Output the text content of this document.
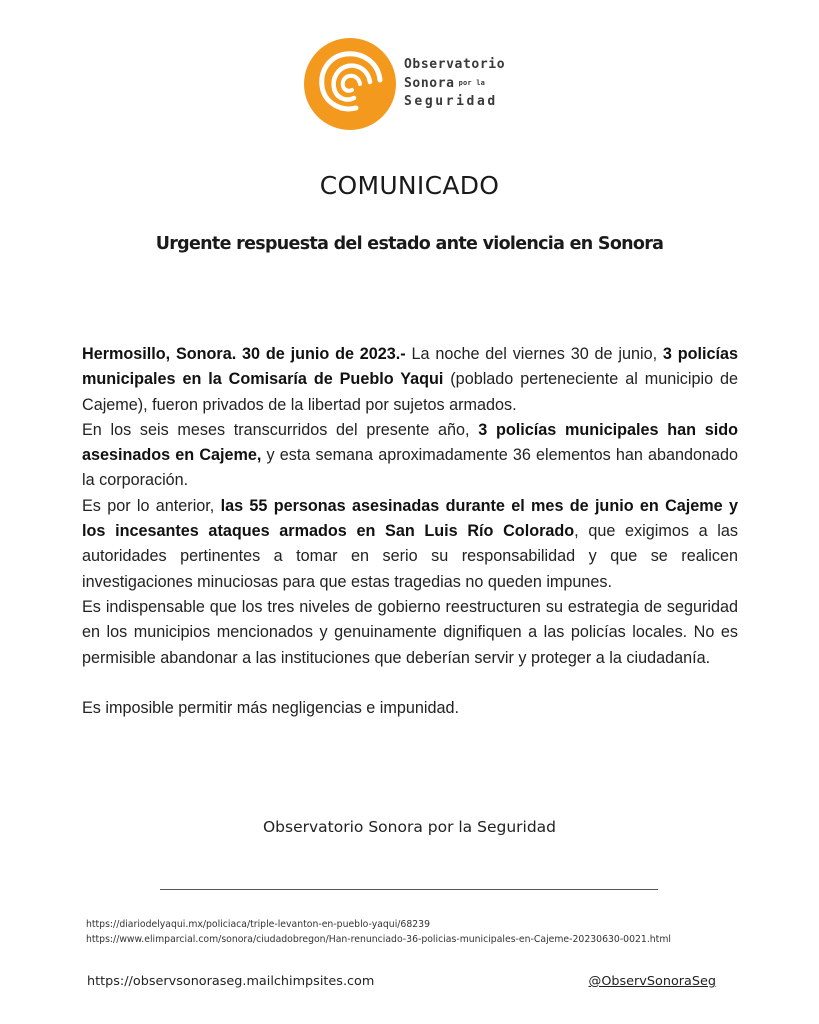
Observatorio
Sonora por la
Seguridad
COMUNICADO
Urgente respuesta del estado ante violencia en Sonora

Hermosillo, Sonora. 30 de junio de 2023.- La noche del viernes 30 de junio, 3 policías municipales en la Comisaría de Pueblo Yaqui (poblado perteneciente al municipio de Cajeme), fueron privados de la libertad por sujetos armados.

En los seis meses transcurridos del presente año, 3 policías municipales han sido asesinados en Cajeme, y esta semana aproximadamente 36 elementos han abandonado la corporación.

Es por lo anterior, las 55 personas asesinadas durante el mes de junio en Cajeme y los incesantes ataques armados en San Luis Río Colorado, que exigimos a las autoridades pertinentes a tomar en serio su responsabilidad y que se realicen investigaciones minuciosas para que estas tragedias no queden impunes.

Es indispensable que los tres niveles de gobierno reestructuren su estrategia de seguridad en los municipios mencionados y genuinamente dignifiquen a las policías locales. No es permisible abandonar a las instituciones que deberían servir y proteger a la ciudadanía.

Es imposible permitir más negligencias e impunidad.

Observatorio Sonora por la Seguridad
https://diariodelyaqui.mx/policiaca/triple-levanton-en-pueblo-yaqui/68239
https://www.elimparcial.com/sonora/ciudadobregon/Han-renunciado-36-policias-municipales-en-Cajeme-20230630-0021.html
https://observsonoraseg.mailchimpsites.com	@ObservSonoraSeg
